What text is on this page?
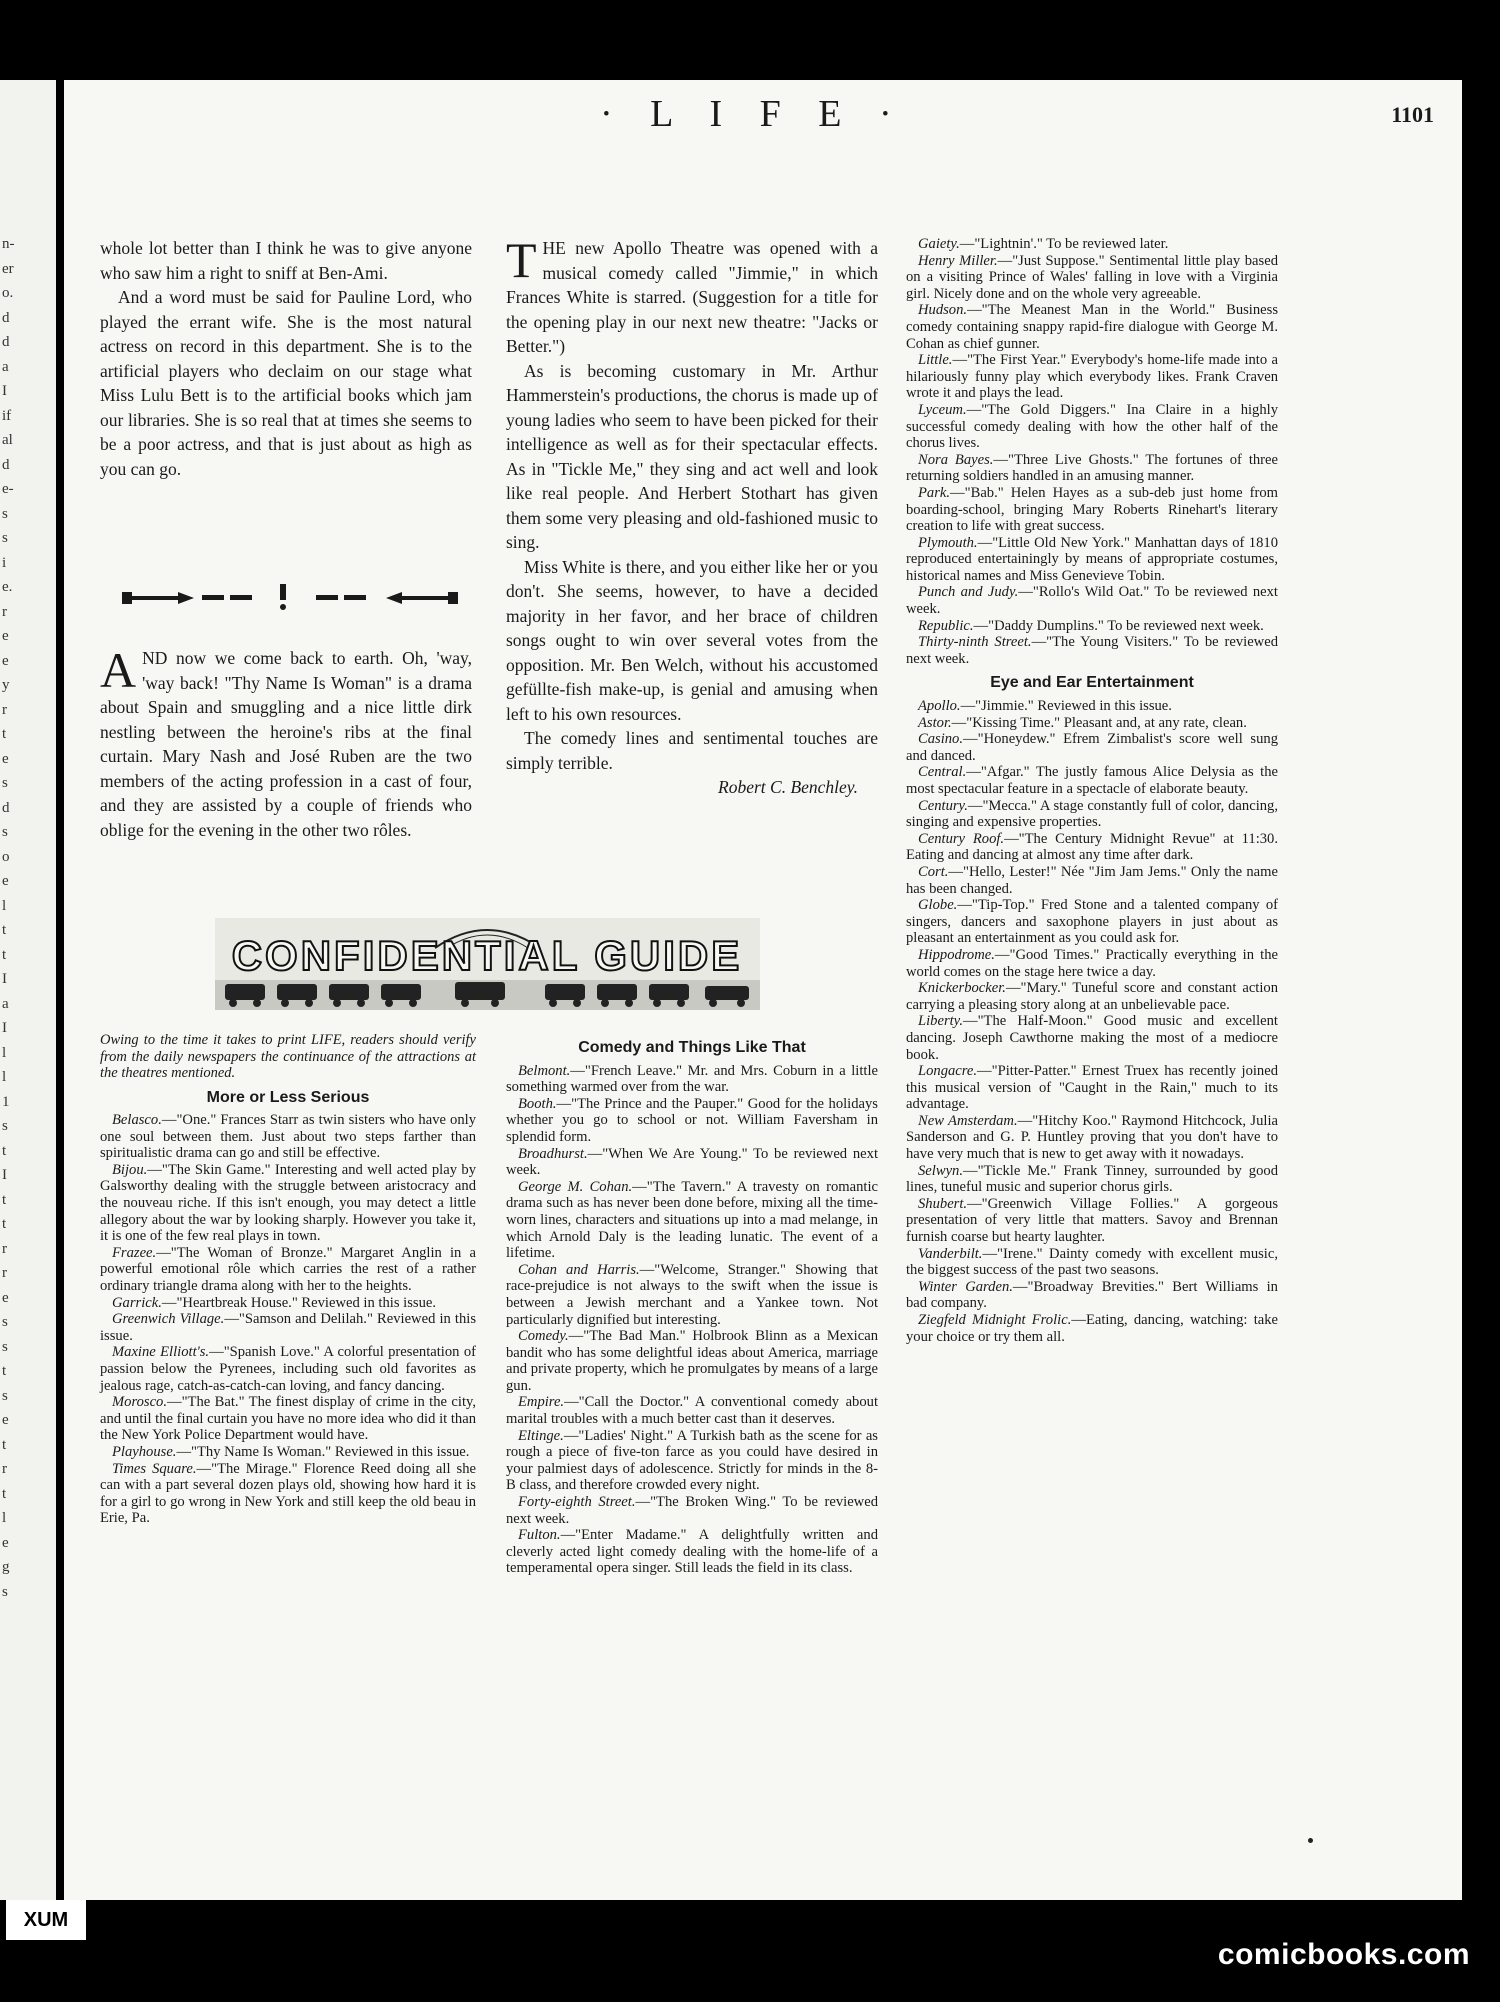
n-
er
o.
d
d
a
I
if
al
d
e-
s
s
i
e.
r
e
e
y
r
t
e
s
d
s
o
e
l
t
t
I
a
I
l
l
1
s
t
I
t
t
r
r
e
s
s
t
s
e
t
r
t
l
e
g
s
· L I F E ·	1101

whole lot better than I think he was to give anyone who saw him a right to sniff at Ben-Ami.

And a word must be said for Pauline Lord, who played the errant wife. She is the most natural actress on record in this department. She is to the artificial players who declaim on our stage what Miss Lulu Bett is to the artificial books which jam our libraries. She is so real that at times she seems to be a poor actress, and that is just about as high as you can go.

AND now we come back to earth. Oh, 'way, 'way back! "Thy Name Is Woman" is a drama about Spain and smuggling and a nice little dirk nestling between the heroine's ribs at the final curtain. Mary Nash and José Ruben are the two members of the acting profession in a cast of four, and they are assisted by a couple of friends who oblige for the evening in the other two rôles.

THE new Apollo Theatre was opened with a musical comedy called "Jimmie," in which Frances White is starred. (Suggestion for a title for the opening play in our next new theatre: "Jacks or Better.")

As is becoming customary in Mr. Arthur Hammerstein's productions, the chorus is made up of young ladies who seem to have been picked for their intelligence as well as for their spectacular effects. As in "Tickle Me," they sing and act well and look like real people. And Herbert Stothart has given them some very pleasing and old-fashioned music to sing.

Miss White is there, and you either like her or you don't. She seems, however, to have a decided majority in her favor, and her brace of children songs ought to win over several votes from the opposition. Mr. Ben Welch, without his accustomed gefüllte-fish make-up, is genial and amusing when left to his own resources.

The comedy lines and sentimental touches are simply terrible.

Robert C. Benchley.
CONFIDENTIAL GUIDE

Owing to the time it takes to print LIFE, readers should verify from the daily newspapers the continuance of the attractions at the theatres mentioned.

More or Less Serious

Belasco.—"One." Frances Starr as twin sisters who have only one soul between them. Just about two steps farther than spiritualistic drama can go and still be effective.

Bijou.—"The Skin Game." Interesting and well acted play by Galsworthy dealing with the struggle between aristocracy and the nouveau riche. If this isn't enough, you may detect a little allegory about the war by looking sharply. However you take it, it is one of the few real plays in town.

Frazee.—"The Woman of Bronze." Margaret Anglin in a powerful emotional rôle which carries the rest of a rather ordinary triangle drama along with her to the heights.

Garrick.—"Heartbreak House." Reviewed in this issue.

Greenwich Village.—"Samson and Delilah." Reviewed in this issue.

Maxine Elliott's.—"Spanish Love." A colorful presentation of passion below the Pyrenees, including such old favorites as jealous rage, catch-as-catch-can loving, and fancy dancing.

Morosco.—"The Bat." The finest display of crime in the city, and until the final curtain you have no more idea who did it than the New York Police Department would have.

Playhouse.—"Thy Name Is Woman." Reviewed in this issue.

Times Square.—"The Mirage." Florence Reed doing all she can with a part several dozen plays old, showing how hard it is for a girl to go wrong in New York and still keep the old beau in Erie, Pa.

Comedy and Things Like That

Belmont.—"French Leave." Mr. and Mrs. Coburn in a little something warmed over from the war.

Booth.—"The Prince and the Pauper." Good for the holidays whether you go to school or not. William Faversham in splendid form.

Broadhurst.—"When We Are Young." To be reviewed next week.

George M. Cohan.—"The Tavern." A travesty on romantic drama such as has never been done before, mixing all the time-worn lines, characters and situations up into a mad melange, in which Arnold Daly is the leading lunatic. The event of a lifetime.

Cohan and Harris.—"Welcome, Stranger." Showing that race-prejudice is not always to the swift when the issue is between a Jewish merchant and a Yankee town. Not particularly dignified but interesting.

Comedy.—"The Bad Man." Holbrook Blinn as a Mexican bandit who has some delightful ideas about America, marriage and private property, which he promulgates by means of a large gun.

Empire.—"Call the Doctor." A conventional comedy about marital troubles with a much better cast than it deserves.

Eltinge.—"Ladies' Night." A Turkish bath as the scene for as rough a piece of five-ton farce as you could have desired in your palmiest days of adolescence. Strictly for minds in the 8-B class, and therefore crowded every night.

Forty-eighth Street.—"The Broken Wing." To be reviewed next week.

Fulton.—"Enter Madame." A delightfully written and cleverly acted light comedy dealing with the home-life of a temperamental opera singer. Still leads the field in its class.

Gaiety.—"Lightnin'." To be reviewed later.

Henry Miller.—"Just Suppose." Sentimental little play based on a visiting Prince of Wales' falling in love with a Virginia girl. Nicely done and on the whole very agreeable.

Hudson.—"The Meanest Man in the World." Business comedy containing snappy rapid-fire dialogue with George M. Cohan as chief gunner.

Little.—"The First Year." Everybody's home-life made into a hilariously funny play which everybody likes. Frank Craven wrote it and plays the lead.

Lyceum.—"The Gold Diggers." Ina Claire in a highly successful comedy dealing with how the other half of the chorus lives.

Nora Bayes.—"Three Live Ghosts." The fortunes of three returning soldiers handled in an amusing manner.

Park.—"Bab." Helen Hayes as a sub-deb just home from boarding-school, bringing Mary Roberts Rinehart's literary creation to life with great success.

Plymouth.—"Little Old New York." Manhattan days of 1810 reproduced entertainingly by means of appropriate costumes, historical names and Miss Genevieve Tobin.

Punch and Judy.—"Rollo's Wild Oat." To be reviewed next week.

Republic.—"Daddy Dumplins." To be reviewed next week.

Thirty-ninth Street.—"The Young Visiters." To be reviewed next week.

Eye and Ear Entertainment

Apollo.—"Jimmie." Reviewed in this issue.

Astor.—"Kissing Time." Pleasant and, at any rate, clean.

Casino.—"Honeydew." Efrem Zimbalist's score well sung and danced.

Central.—"Afgar." The justly famous Alice Delysia as the most spectacular feature in a spectacle of elaborate beauty.

Century.—"Mecca." A stage constantly full of color, dancing, singing and expensive properties.

Century Roof.—"The Century Midnight Revue" at 11:30. Eating and dancing at almost any time after dark.

Cort.—"Hello, Lester!" Née "Jim Jam Jems." Only the name has been changed.

Globe.—"Tip-Top." Fred Stone and a talented company of singers, dancers and saxophone players in just about as pleasant an entertainment as you could ask for.

Hippodrome.—"Good Times." Practically everything in the world comes on the stage here twice a day.

Knickerbocker.—"Mary." Tuneful score and constant action carrying a pleasing story along at an unbelievable pace.

Liberty.—"The Half-Moon." Good music and excellent dancing. Joseph Cawthorne making the most of a mediocre book.

Longacre.—"Pitter-Patter." Ernest Truex has recently joined this musical version of "Caught in the Rain," much to its advantage.

New Amsterdam.—"Hitchy Koo." Raymond Hitchcock, Julia Sanderson and G. P. Huntley proving that you don't have to have very much that is new to get away with it nowadays.

Selwyn.—"Tickle Me." Frank Tinney, surrounded by good lines, tuneful music and superior chorus girls.

Shubert.—"Greenwich Village Follies." A gorgeous presentation of very little that matters. Savoy and Brennan furnish coarse but hearty laughter.

Vanderbilt.—"Irene." Dainty comedy with excellent music, the biggest success of the past two seasons.

Winter Garden.—"Broadway Brevities." Bert Williams in bad company.

Ziegfeld Midnight Frolic.—Eating, dancing, watching: take your choice or try them all.

XUM
comicbooks.com
